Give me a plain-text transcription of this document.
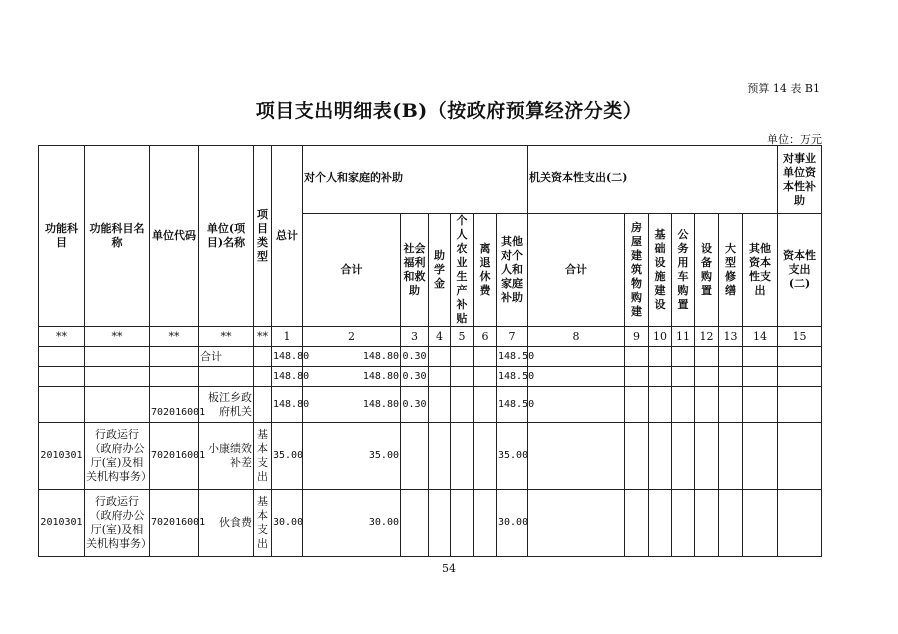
预算 14 表 B1
项目支出明细表(B)（按政府预算经济分类）
单位：万元
功能科目	功能科目名称	单位代码	单位(项目)名称	项目类型	总计	对个人和家庭的补助						机关资本性支出(二)							对事业单位资本性补助
						合计	社会福利和救助	助学金	个人农业生产补贴	离退休费	其他对个人和家庭补助	合计	房屋建筑物购建	基础设施建设	公务用车购置	设备购置	大型修缮	其他资本性支出	资本性支出(二)
**	**	**	**	**	1	2	3	4	5	6	7	8	9	10	11	12	13	14	15
			合计		148.80	148.80	0.30				148.50								
					148.80	148.80	0.30				148.50								
		702016001	板江乡政府机关		148.80	148.80	0.30				148.50								
2010301	行政运行（政府办公厅(室)及相关机构事务）	702016001	小康绩效补差	基本支出	35.00	35.00					35.00								
2010301	行政运行（政府办公厅(室)及相关机构事务）	702016001	伙食费	基本支出	30.00	30.00					30.00								
54
